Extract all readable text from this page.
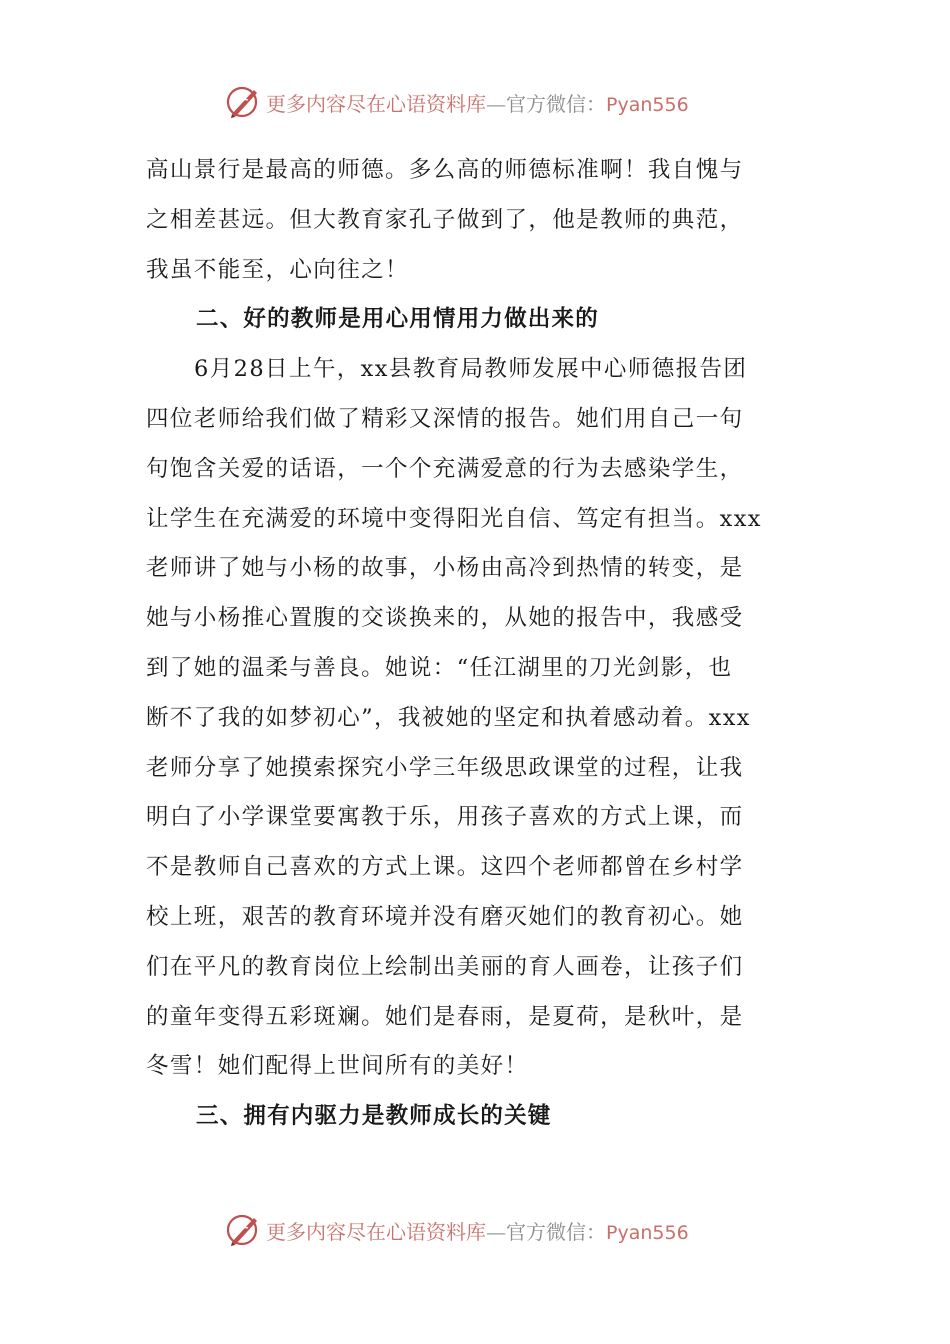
更多内容尽在心语资料库—官方微信：Pyan556
高山景行是最高的师德。多么高的师德标准啊！我自愧与
之相差甚远。但大教育家孔子做到了，他是教师的典范，
我虽不能至，心向往之！
二、好的教师是用心用情用力做出来的
6月28日上午，xx县教育局教师发展中心师德报告团
四位老师给我们做了精彩又深情的报告。她们用自己一句
句饱含关爱的话语，一个个充满爱意的行为去感染学生，
让学生在充满爱的环境中变得阳光自信、笃定有担当。xxx
老师讲了她与小杨的故事，小杨由高冷到热情的转变，是
她与小杨推心置腹的交谈换来的，从她的报告中，我感受
到了她的温柔与善良。她说：“任江湖里的刀光剑影，也
断不了我的如梦初心”，我被她的坚定和执着感动着。xxx
老师分享了她摸索探究小学三年级思政课堂的过程，让我
明白了小学课堂要寓教于乐，用孩子喜欢的方式上课，而
不是教师自己喜欢的方式上课。这四个老师都曾在乡村学
校上班，艰苦的教育环境并没有磨灭她们的教育初心。她
们在平凡的教育岗位上绘制出美丽的育人画卷，让孩子们
的童年变得五彩斑斓。她们是春雨，是夏荷，是秋叶，是
冬雪！她们配得上世间所有的美好！
三、拥有内驱力是教师成长的关键
更多内容尽在心语资料库—官方微信：Pyan556
